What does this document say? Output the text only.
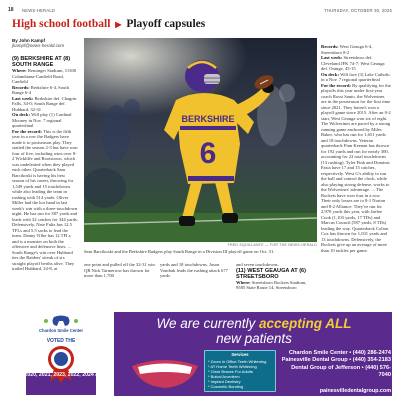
18 NEWS-HERALD	THURSDAY, OCTOBER 30, 2025
High school football ▶ Playoff capsules
By John Kampf
jkampf@news-herald.com
(9) BERKSHIRE AT (8) SOUTH RANGE

Where: Reminger Stadium, 11300 Columbiana-Canfield Road, Canfield

Records: Berkshire 6-4, South Range 6-4

Last week: Berkshire def. Chagrin Falls, 34-0; South Range def. Hubbard, 32-31

On deck: Will play (1) Cardinal Mooney in Nov. 7 regional quarterfinal

For the record: This is the fifth year in a row the Badgers have made it to postseason play. They started the season 2-3 but have won four of five, including wins over 8-2 Wickliffe and Rootstown, which was undefeated when they played each other. Quarterback Sam Barcikoski is having his best season of his career, throwing for 1,549 yards and 15 touchdowns while also leading the team in rushing with 514 yards. Oliver Miller had the hot hand in last week's win with a three-touchdown night. He has run for 387 yards and leads with 32 catches for 344 yards. Defensively, Nate Fultz has 12.5 TFLs and 5.5 sacks to lead the team. Danny Tiller has 12 TFLs and is a monster on both the offensive and defensive lines. ... South Range's win over Hubbard ties the Raiders' streak of six straight playoff berths alive. They trailed Hubbard, 24-8, at

BERKSHIRE
6
FRED SQUILLANTE — FOR THE NEWS-HERALD
Sam Barcikoski and the Berkshire Badgers play South Range in a Division III playoff game on Oct. 31.

one point and pulled off the 32-31 win. QB Nick Tarmerrow has thrown for more than 1,700

yards and 18 touchdowns. Jason Vondrak leads the rushing attack 677 yards

and seven touchdowns.

(11) WEST GEAUGA AT (6) STREETSBORO

Where: Streetsboro Rockets Stadium, 9585 State Route 14, Streetsboro

Records: West Geauga 6-4, Streetsboro 8-2

Last week: Streetsboro def. Cleveland JFK 74-7; West Geauga def. Orange, 45-15

On deck: Will face (3) Lake Catholic in a Nov. 7 regional quarterfinal

For the record: By qualifying for the playoffs this year under first-year coach Rossi Santo, the Wolverines are in the postseason for the first time since 2021. They haven't won a playoff game since 2015. After an 0-2 start, West Geauga won six of eight. The Wolverines are paced by a strong running game anchored by Miles Baker, who has run for 1,651 yards and 18 touchdowns. Veteran quarterback Finn Keenan has thrown for 192 yards and run for nearly 300, accounting for 22 total touchdowns (13 rushing). Tyler Fink and Dominic Fasia have 17 and 15 catches, respectively. West G's ability to run the ball and control the clock, while also playing strong defense, works to the Wolverines' advantage. ... The Rockets have won four in a row. Their only losses are to 8-1 Norton and 8-2 Alliance. They've run for 2,970 yards this year, with Jaelee Cook (1,103 yards, 17 TDs) and Marcus Council (587 yards, 8 TDs) leading the way. Quarterback Colton Cox has thrown for 1,031 yards and 13 touchdowns. Defensively, the Rockets give up an average of more than 10 tackles per game.

Chardon Smile Center
VOTED THE
2019, 2020, 2021, 2023, 2022, 2024 & 2025
We are currently accepting ALL
new patients
Services
* Zoom in Office Teeth Whitening
* AT Home Teeth Whitening
* Clear Braces For Adults
* Botox/Juvederm
* Implant Dentistry
* Cosmetic Bonding
Chardon Smile Center • (440) 286-2474
Painesville Dental Group • (440) 354-2183
Dental Group of Jefferson • (440) 576-7040
painesvilledentalgroup.com
